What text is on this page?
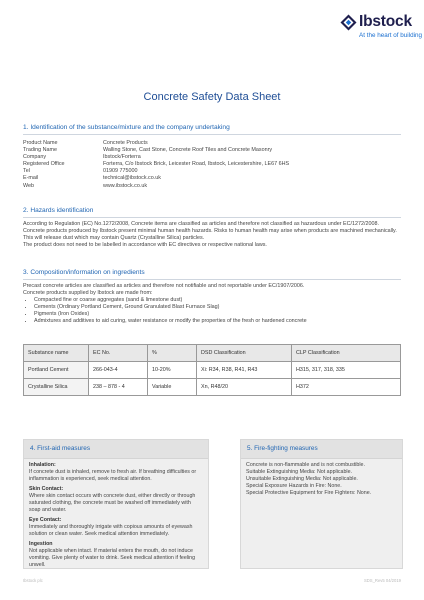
Ibstock
At the heart of building
Concrete Safety Data Sheet
1. Identification of the substance/mixture and the company undertaking
Product Name	Concrete Products
Trading Name	Walling Stone, Cast Stone, Concrete Roof Tiles and Concrete Masonry
Company	Ibstock/Forterra
Registered Office	Forterra, C/o Ibstock Brick, Leicester Road, Ibstock, Leicestershire, LE67 6HS
Tel	01909 775000
E-mail	technical@ibstock.co.uk
Web	www.ibstock.co.uk
2. Hazards identification

According to Regulation (EC) No.1272/2008, Concrete items are classified as articles and therefore not classified as hazardous under EC/1272/2008.

Concrete products produced by Ibstock present minimal human health hazards. Risks to human health may arise when products are machined mechanically. This will release dust which may contain Quartz (Crystalline Silica) particles.

The product does not need to be labelled in accordance with EC directives or respective national laws.

3. Composition/information on ingredients

Precast concrete articles are classified as articles and therefore not notifiable and not reportable under EC/1907/2006.

Concrete products supplied by Ibstock are made from:

• Compacted fine or coarse aggregates (sand & limestone dust)
• Cements (Ordinary Portland Cement, Ground Granulated Blast Furnace Slag)
• Pigments (Iron Oxides)
• Admixtures and additives to aid curing, water resistance or modify the properties of the fresh or hardened concrete
Substance name	EC No.	%	DSD Classification	CLP Classification
Portland Cement	266-043-4	10-20%	Xi: R34, R38, R41, R43	H315, 317, 318, 335
Crystalline Silica	238 – 878 - 4	Variable	Xn, R48/20	H372
4. First-aid measures

Inhalation:

If concrete dust is inhaled, remove to fresh air. If breathing difficulties or inflammation is experienced, seek medical attention.

Skin Contact:

Where skin contact occurs with concrete dust, either directly or through saturated clothing, the concrete must be washed off immediately with soap and water.

Eye Contact:

Immediately and thoroughly irrigate with copious amounts of eyewash solution or clean water. Seek medical attention immediately.

Ingestion

Not applicable when intact. If material enters the mouth, do not induce vomiting. Give plenty of water to drink. Seek medical attention if feeling unwell.

5. Fire-fighting measures

Concrete is non-flammable and is not combustible.

Suitable Extinguishing Media: Not applicable.

Unsuitable Extinguishing Media: Not applicable.

Special Exposure Hazards in Fire: None.

Special Protective Equipment for Fire Fighters: None.

Ibstock plc	SDS_Rev5 04/2019
